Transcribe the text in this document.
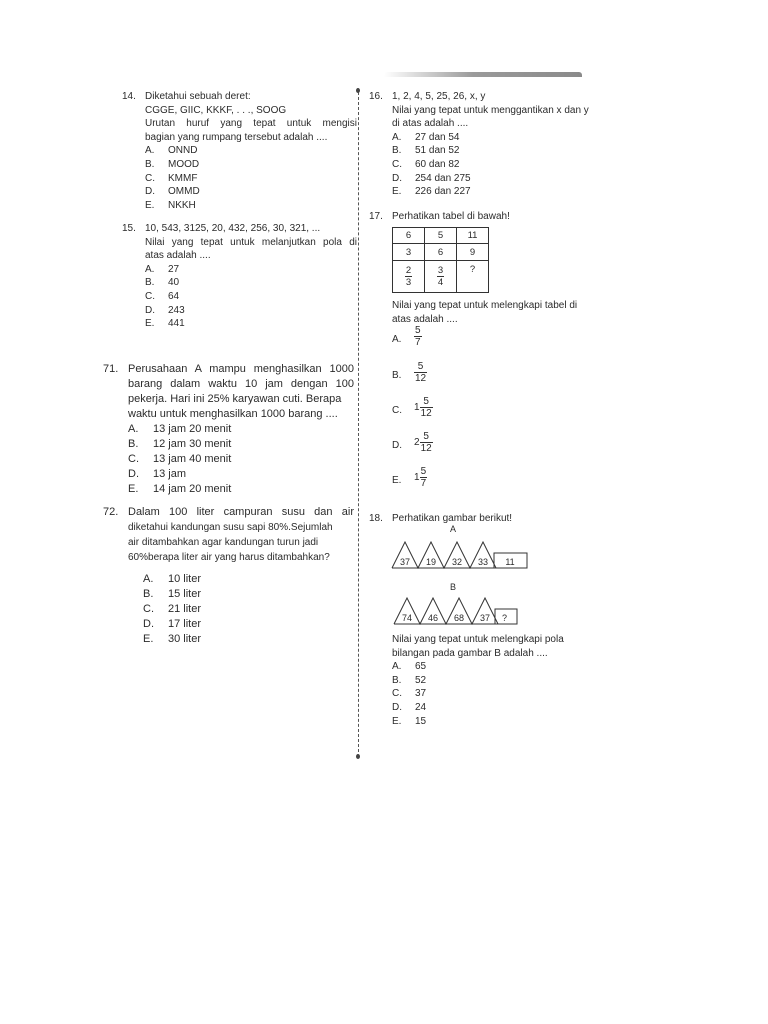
14. Diketahui sebuah deret:
CGGE, GIIC, KKKF, . . ., SOOG
Urutan huruf yang tepat untuk mengisi
bagian yang rumpang tersebut adalah ....
A. ONND
B. MOOD
C. KMMF
D. OMMD
E. NKKH
15. 10, 543, 3125, 20, 432, 256, 30, 321, ...
Nilai yang tepat untuk melanjutkan pola di
atas adalah ....
A. 27
B. 40
C. 64
D. 243
E. 441
71. Perusahaan A mampu menghasilkan 1000
barang dalam waktu 10 jam dengan 100
pekerja. Hari ini 25% karyawan cuti. Berapa
waktu untuk menghasilkan 1000 barang ....
A. 13 jam 20 menit
B. 12 jam 30 menit
C. 13 jam 40 menit
D. 13 jam
E. 14 jam 20 menit
72. Dalam 100 liter campuran susu dan air
diketahui kandungan susu sapi 80%.Sejumlah
air ditambahkan agar kandungan turun jadi
60%berapa liter air yang harus ditambahkan?
A. 10 liter
B. 15 liter
C. 21 liter
D. 17 liter
E. 30 liter
16. 1, 2, 4, 5, 25, 26, x, y
Nilai yang tepat untuk menggantikan x dan y
di atas adalah ....
A. 27 dan 54
B. 51 dan 52
C. 60 dan 82
D. 254 dan 275
E. 226 dan 227
17. Perhatikan tabel di bawah!
6	5	11
3	6	9

$\frac{2}{3}$	$\frac{3}{4}$	?
Nilai yang tepat untuk melengkapi tabel di
atas adalah ....
A. $\frac{5}{7}$
B. $\frac{5}{12}$
C. $1 \frac{5}{12}$
D. $2 \frac{5}{12}$
E. $1 \frac{5}{7}$
18. Perhatikan gambar berikut!
A
37 19 32 33 11
B
74 46 68 37 ?
Nilai yang tepat untuk melengkapi pola
bilangan pada gambar B adalah ....
A. 65
B. 52
C. 37
D. 24
E. 15
